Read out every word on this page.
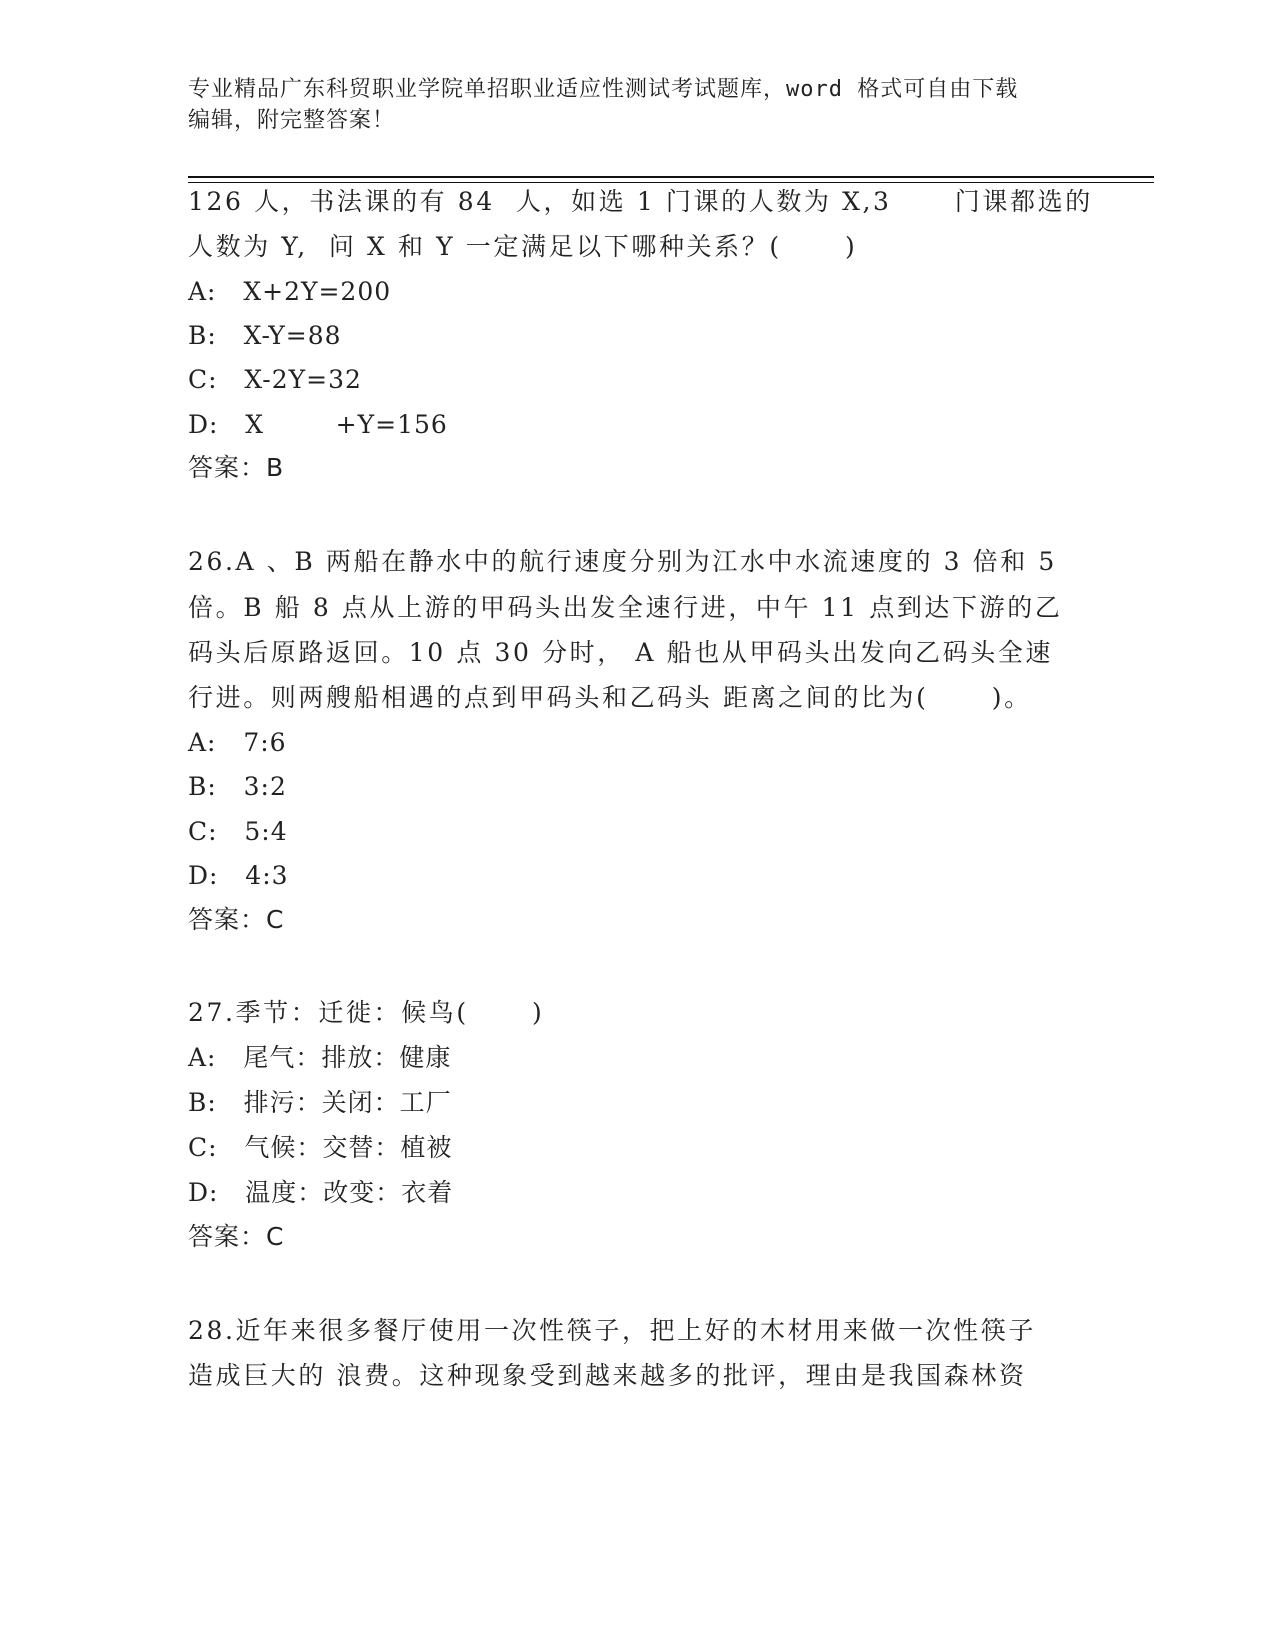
专业精品广东科贸职业学院单招职业适应性测试考试题库，word 格式可自由下载
编辑，附完整答案！
126 人，书法课的有 84  人，如选 1 门课的人数为 X,3      门课都选的
人数为 Y,  问 X 和 Y 一定满足以下哪种关系？(      )
A:   X+2Y=200
B:   X-Y=88
C:   X-2Y=32
D:   X        +Y=156
答案：B
26.A 、B 两船在静水中的航行速度分别为江水中水流速度的 3 倍和 5
倍。B 船 8 点从上游的甲码头出发全速行进，中午 11 点到达下游的乙
码头后原路返回。10 点 30 分时， A 船也从甲码头出发向乙码头全速
行进。则两艘船相遇的点到甲码头和乙码头 距离之间的比为(      )。
A:   7:6
B:   3:2
C:   5:4
D:   4:3
答案：C
27.季节：迁徙：候鸟(      )
A:   尾气：排放：健康
B:   排污：关闭：工厂
C:   气候：交替：植被
D:   温度：改变：衣着
答案：C
28.近年来很多餐厅使用一次性筷子，把上好的木材用来做一次性筷子
造成巨大的 浪费。这种现象受到越来越多的批评，理由是我国森林资
